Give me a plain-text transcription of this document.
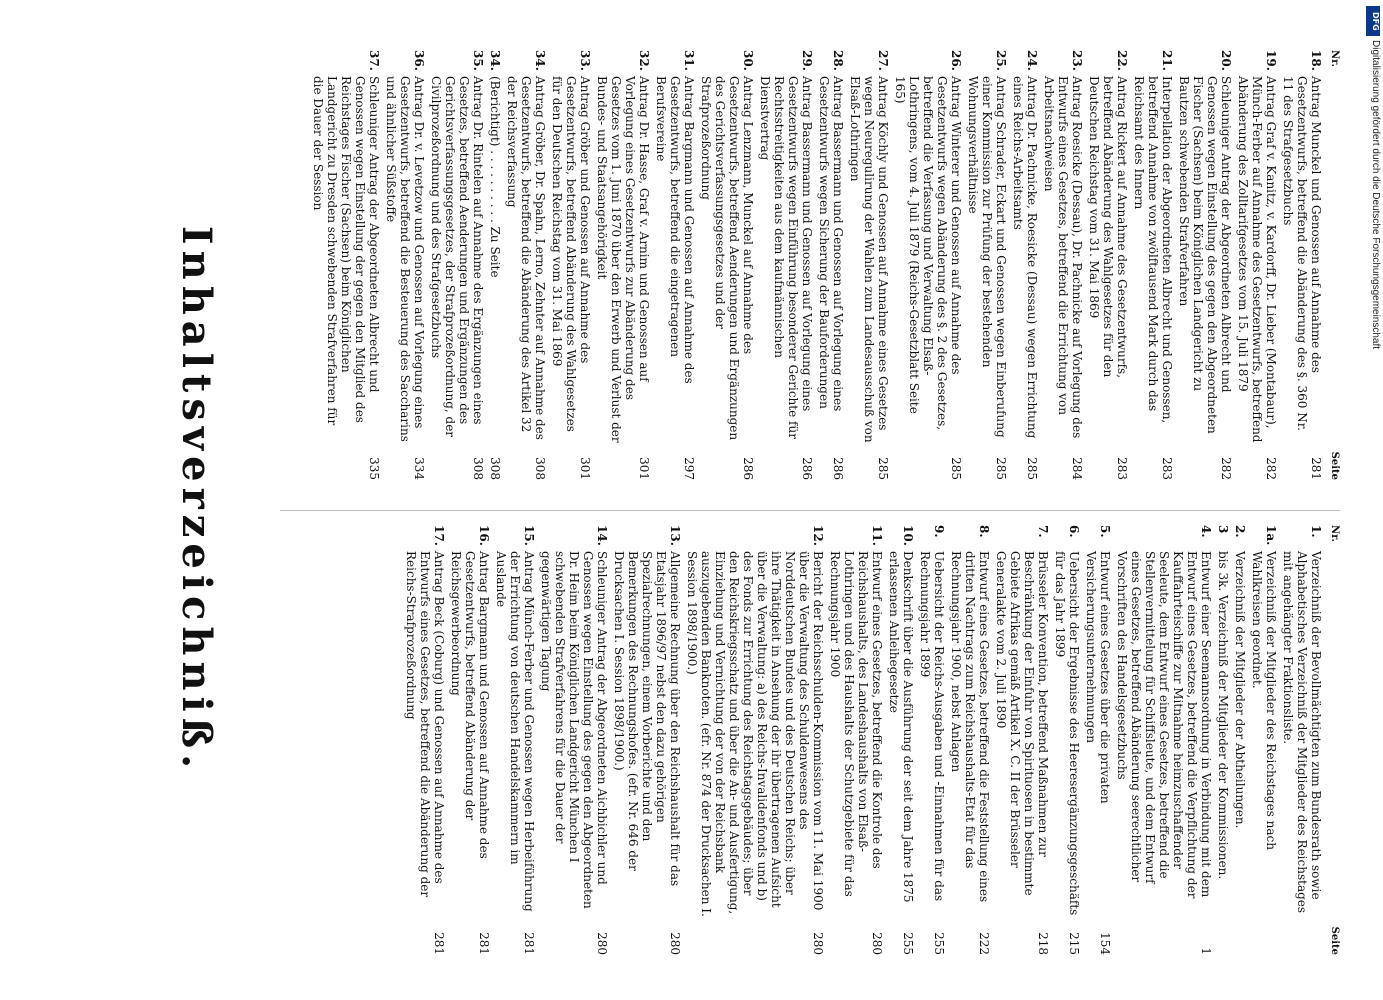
Inhaltsverzeichniß.	Nr.
Seite
1.
Verzeichniß der Bevollmächtigten zum Bundesrath sowie Alphabetisches Verzeichniß der Mitglieder des Reichstages mit angehängter Fraktionsliste.
1a.
Verzeichniß der Mitglieder des Reichstages nach Wahlkreisen geordnet.
2.
Verzeichniß der Mitglieder der Abtheilungen.
3
bis 3k. Verzeichniß der Mitglieder der Kommissionen.
4.
Entwurf einer Seemannsordnung in Verbindung mit dem Entwurf eines Gesetzes, betreffend die Verpflichtung der Kauffahrteischiffe zur Mitnahme heimzuschaffender Seeleute, dem Entwurf eines Gesetzes, betreffend die Stellenvermittelung für Schiffsleute, und dem Entwurf eines Gesetzes, betreffend Abänderung seerechtlicher Vorschriften des Handelsgesetzbuchs
1
5.
Entwurf eines Gesetzes über die privaten Versicherungsunternehmungen
154
6.
Uebersicht der Ergebnisse des Heeresergänzungsgeschäfts für das Jahr 1899
215
7.
Brüsseler Konvention, betreffend Maßnahmen zur Beschränkung der Einfuhr von Spirituosen in bestimmte Gebiete Afrikas gemäß Artikel X. C. II der Brüsseler Generalakte vom 2. Juli 1890
218
8.
Entwurf eines Gesetzes, betreffend die Feststellung eines dritten Nachtrags zum Reichshaushalts-Etat für das Rechnungsjahr 1900, nebst Anlagen
222
9.
Uebersicht der Reichs-Ausgaben und -Einnahmen für das Rechnungsjahr 1899
255
10.
Denkschrift über die Ausführung der seit dem Jahre 1875 erlassenen Anleihegesetze
255
11.
Entwurf eines Gesetzes, betreffend die Kontrole des Reichshaushalts, des Landeshaushalts von Elsaß-Lothringen und des Haushalts der Schutzgebiete für das Rechnungsjahr 1900
280
12.
Bericht der Reichsschulden-Kommission vom 11. Mai 1900 über die Verwaltung des Schuldenwesens des Norddeutschen Bundes und des Deutschen Reichs; über ihre Thätigkeit in Ansehung der ihr übertragenen Aufsicht über die Verwaltung: a) des Reichs-Invalidenfonds und b) des Fonds zur Errichtung des Reichstagsgebäudes; über den Reichskriegsschatz und über die An- und Ausfertigung, Einziehung und Vernichtung der von der Reichsbank auszugebenden Banknoten. (efr. Nr. 874 der Drucksachen I. Session 1898/1900.)
280
13.
Allgemeine Rechnung über den Reichshaushalt für das Etatsjahr 1896/97 nebst den dazu gehörigen Spezialrechnungen, einem Vorberichte und den Bemerkungen des Rechnungshofes. (efr. Nr. 646 der Drucksachen I. Session 1898/1900.)
280
14.
Schleuniger Antrag der Abgeordneten Aichbichler und Genossen wegen Einstellung des gegen den Abgeordneten Dr. Heim beim Königlichen Landgericht München I schwebenden Strafverfahrens für die Dauer der gegenwärtigen Tagung
280
15.
Antrag Münch-Ferber und Genossen wegen Herbeiführung der Errichtung von deutschen Handelskammern im Auslande
281
16.
Antrag Bargmann und Genossen auf Annahme des Gesetzentwurfs, betreffend Abänderung der Reichsgewerbeordnung
281
17.
Antrag Beck (Coburg) und Genossen auf Annahme des Entwurfs eines Gesetzes, betreffend die Abänderung der Reichs-Strafprozeßordnung
281
Nr.
Seite
18.
Antrag Munckel und Genossen auf Annahme des Gesetzentwurfs, betreffend die Abänderung des §. 360 Nr. 11 des Strafgesetzbuchs
281
19.
Antrag Graf v. Kanitz, v. Kardorff, Dr. Lieber (Montabaur), Münch-Ferber auf Annahme des Gesetzentwurfs, betreffend Abänderung des Zolltarifgesetzes vom 15. Juli 1879
282
20.
Schleuniger Antrag der Abgeordneten Albrecht und Genossen wegen Einstellung des gegen den Abgeordneten Fischer (Sachsen) beim Königlichen Landgericht zu Bautzen schwebenden Strafverfahren
282
21.
Interpellation der Abgeordneten Albrecht und Genossen, betreffend Annahme von zwölftausend Mark durch das Reichsamt des Innern
283
22.
Antrag Rickert auf Annahme des Gesetzentwurfs, betreffend Abänderung des Wahlgesetzes für den Deutschen Reichstag vom 31. Mai 1869
283
23.
Antrag Roesicke (Dessau), Dr. Pachnicke auf Vorlegung des Entwurfs eines Gesetzes, betreffend die Errichtung von Arbeitsnachweisen
284
24.
Antrag Dr. Pachnicke, Roesicke (Dessau) wegen Errichtung eines Reichs-Arbeitsamts
285
25.
Antrag Schrader, Eckart und Genossen wegen Einberufung einer Kommission zur Prüfung der bestehenden Wohnungsverhältnisse
285
26.
Antrag Winterer und Genossen auf Annahme des Gesetzentwurfs wegen Abänderung des §. 2 des Gesetzes, betreffend die Verfassung und Verwaltung Elsaß-Lothringens, vom 4. Juli 1879 (Reichs-Gesetzblatt Seite 165)
285
27.
Antrag Köchly und Genossen auf Annahme eines Gesetzes wegen Neuregulirung der Wahlen zum Landesausschuß von Elsaß-Lothringen
285
28.
Antrag Bassermann und Genossen auf Vorlegung eines Gesetzentwurfs wegen Sicherung der Bauforderungen
286
29.
Antrag Bassermann und Genossen auf Vorlegung eines Gesetzentwurfs wegen Einführung besonderer Gerichte für Rechtsstreitigkeiten aus dem kaufmännischen Dienstvertrag
286
30.
Antrag Lenzmann, Munckel auf Annahme des Gesetzentwurfs, betreffend Aenderungen und Ergänzungen des Gerichtsverfassungsgesetzes und der Strafprozeßordnung
286
31.
Antrag Bargmann und Genossen auf Annahme des Gesetzentwurfs, betreffend die eingetragenen Berufsvereine
297
32.
Antrag Dr. Hasse, Graf v. Arnim und Genossen auf Vorlegung eines Gesetzentwurfs zur Abänderung des Gesetzes vom 1. Juni 1870 über den Erwerb und Verlust der Bundes- und Staatsangehörigkeit
301
33.
Antrag Gröber und Genossen auf Annahme des Gesetzentwurfs, betreffend Abänderung des Wahlgesetzes für den Deutschen Reichstag vom 31. Mai 1869
301
34.
Antrag Gröber, Dr. Spahn, Lerno, Zehnter auf Annahme des Gesetzentwurfs, betreffend die Abänderung des Artikel 32 der Reichsverfassung
308
34.
(Berichtigt) . . . . . . . . . . Zu Seite
308
35.
Antrag Dr. Rintelen auf Annahme des Ergänzungen eines Gesetzes, betreffend Aenderungen und Ergänzungen des Gerichtsverfassungsgesetzes, der Strafprozeßordnung, der Civilprozeßordnung und des Strafgesetzbuchs
308
36.
Antrag Dr. v. Levetzow und Genossen auf Vorlegung eines Gesetzentwurfs, betreffend die Besteuerung des Saccharins und ähnlicher Süßstoffe
334
37.
Schleuniger Antrag der Abgeordneten Albrecht und Genossen wegen Einstellung der gegen den Mitglied des Reichstages Fischer (Sachsen) beim Königlichen Landgericht zu Dresden schwebenden Strafverfahren für die Dauer der Session
335
DFG
Digitalisierung gefördert durch die Deutsche Forschungsgemeinschaft
